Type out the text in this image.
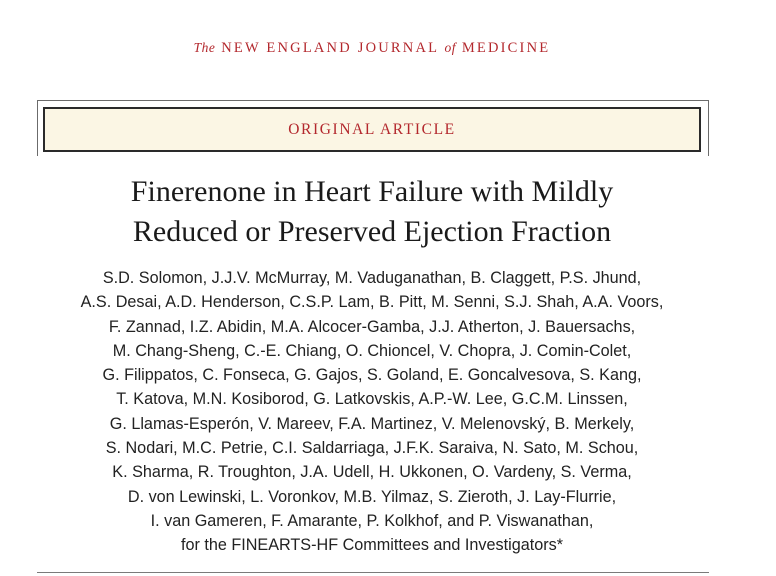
The NEW ENGLAND JOURNAL of MEDICINE
ORIGINAL ARTICLE
Finerenone in Heart Failure with Mildly
Reduced or Preserved Ejection Fraction
S.D. Solomon, J.J.V. McMurray, M. Vaduganathan, B. Claggett, P.S. Jhund,
A.S. Desai, A.D. Henderson, C.S.P. Lam, B. Pitt, M. Senni, S.J. Shah, A.A. Voors,
F. Zannad, I.Z. Abidin, M.A. Alcocer-Gamba, J.J. Atherton, J. Bauersachs,
M. Chang-Sheng, C.-E. Chiang, O. Chioncel, V. Chopra, J. Comin-Colet,
G. Filippatos, C. Fonseca, G. Gajos, S. Goland, E. Goncalvesova, S. Kang,
T. Katova, M.N. Kosiborod, G. Latkovskis, A.P.-W. Lee, G.C.M. Linssen,
G. Llamas-Esperón, V. Mareev, F.A. Martinez, V. Melenovský, B. Merkely,
S. Nodari, M.C. Petrie, C.I. Saldarriaga, J.F.K. Saraiva, N. Sato, M. Schou,
K. Sharma, R. Troughton, J.A. Udell, H. Ukkonen, O. Vardeny, S. Verma,
D. von Lewinski, L. Voronkov, M.B. Yilmaz, S. Zieroth, J. Lay-Flurrie,
I. van Gameren, F. Amarante, P. Kolkhof, and P. Viswanathan,
for the FINEARTS-HF Committees and Investigators*
